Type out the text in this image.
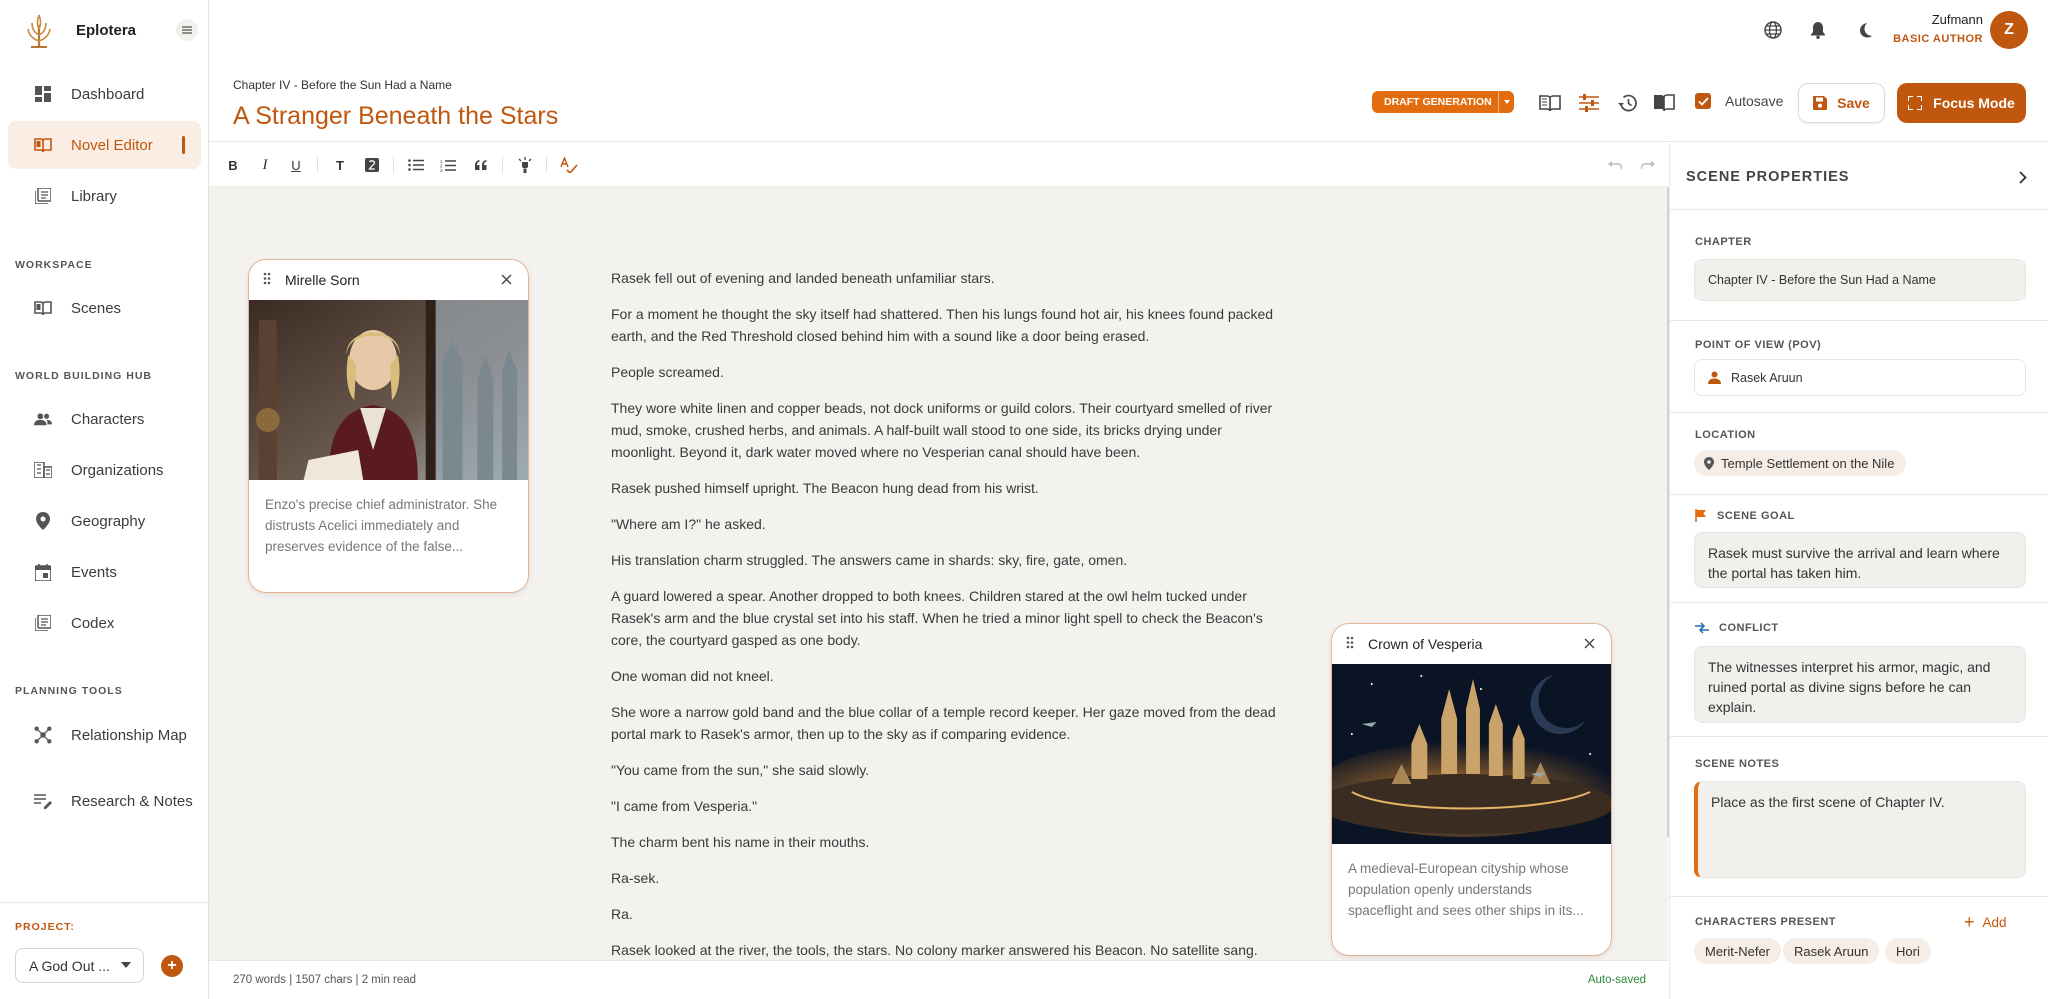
Eplotera
Dashboard
Novel Editor
Library
WORKSPACE
Scenes
WORLD BUILDING HUB
Characters
Organizations
Geography
Events
Codex
PLANNING TOOLS
Relationship Map
Research & Notes
PROJECT:
A God Out ...	+
Zufmann
BASIC AUTHOR
Z
Chapter IV - Before the Sun Had a Name
A Stranger Beneath the Stars	DRAFT GENERATION	Autosave	Save	Focus Mode
B	I	U	T	1
2
3

Rasek fell out of evening and landed beneath unfamiliar stars.

For a moment he thought the sky itself had shattered. Then his lungs found hot air, his knees found packed earth, and the Red Threshold closed behind him with a sound like a door being erased.

People screamed.

They wore white linen and copper beads, not dock uniforms or guild colors. Their courtyard smelled of river mud, smoke, crushed herbs, and animals. A half-built wall stood to one side, its bricks drying under moonlight. Beyond it, dark water moved where no Vesperian canal should have been.

Rasek pushed himself upright. The Beacon hung dead from his wrist.

"Where am I?" he asked.

His translation charm struggled. The answers came in shards: sky, fire, gate, omen.

A guard lowered a spear. Another dropped to both knees. Children stared at the owl helm tucked under Rasek's arm and the blue crystal set into his staff. When he tried a minor light spell to check the Beacon's core, the courtyard gasped as one body.

One woman did not kneel.

She wore a narrow gold band and the blue collar of a temple record keeper. Her gaze moved from the dead portal mark to Rasek's armor, then up to the sky as if comparing evidence.

"You came from the sun," she said slowly.

"I came from Vesperia."

The charm bent his name in their mouths.

Ra-sek.

Ra.

Rasek looked at the river, the tools, the stars. No colony marker answered his Beacon. No satellite sang.

Mirelle Sorn
Enzo's precise chief administrator. She distrusts Acelici immediately and preserves evidence of the false...
Crown of Vesperia
A medieval-European cityship whose population openly understands spaceflight and sees other ships in its...
270 words | 1507 chars | 2 min read	Auto-saved
SCENE PROPERTIES
CHAPTER
Chapter IV - Before the Sun Had a Name
POINT OF VIEW (POV)
Rasek Aruun
LOCATION
Temple Settlement on the Nile
SCENE GOAL
Rasek must survive the arrival and learn where the portal has taken him.
CONFLICT
The witnesses interpret his armor, magic, and ruined portal as divine signs before he can explain.
SCENE NOTES
Place as the first scene of Chapter IV.
CHARACTERS PRESENT	+ Add
Merit-Nefer	Rasek Aruun	Hori
